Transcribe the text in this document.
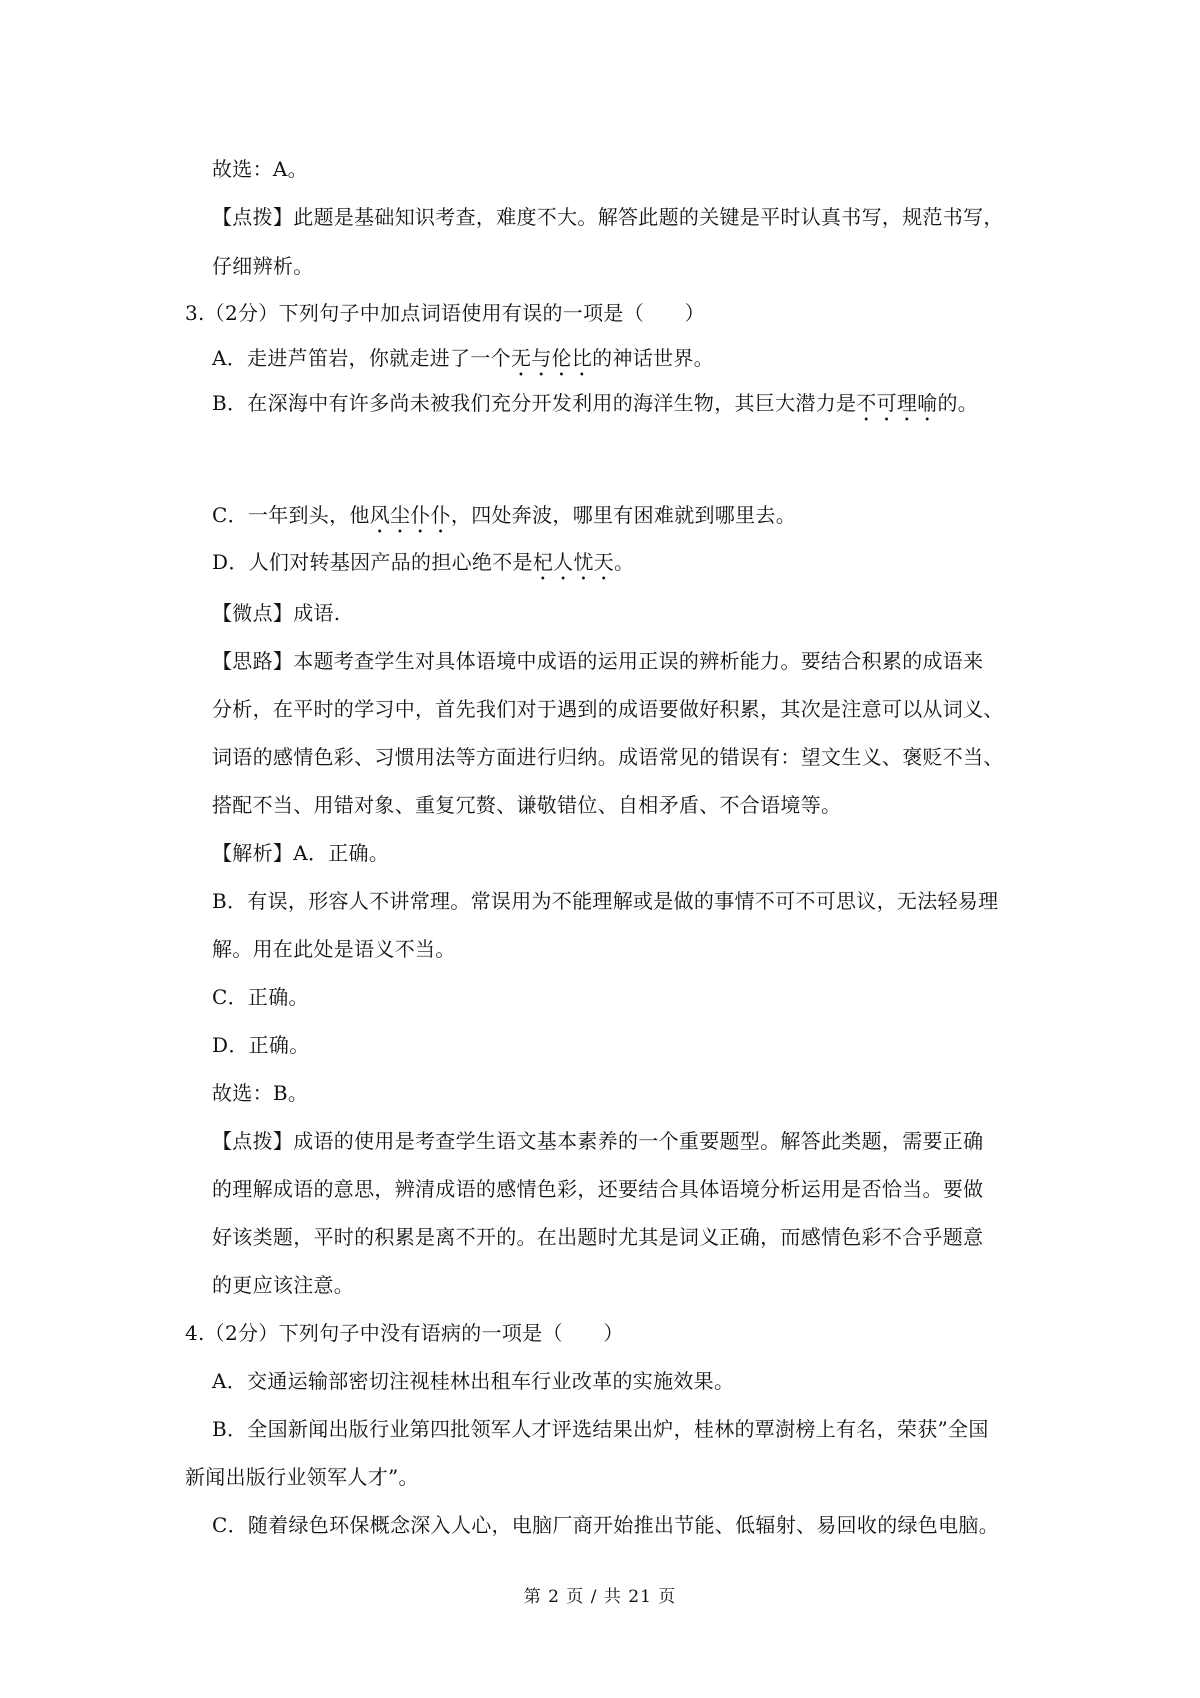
故选：A。
【点拨】此题是基础知识考查，难度不大。解答此题的关键是平时认真书写，规范书写，
仔细辨析。
3.（2分）下列句子中加点词语使用有误的一项是（　　）
A．走进芦笛岩，你就走进了一个无与伦比的神话世界。
B．在深海中有许多尚未被我们充分开发利用的海洋生物，其巨大潜力是不可理喻的。
C．一年到头，他风尘仆仆，四处奔波，哪里有困难就到哪里去。
D．人们对转基因产品的担心绝不是杞人忧天。
【微点】成语.
【思路】本题考查学生对具体语境中成语的运用正误的辨析能力。要结合积累的成语来
分析，在平时的学习中，首先我们对于遇到的成语要做好积累，其次是注意可以从词义、
词语的感情色彩、习惯用法等方面进行归纳。成语常见的错误有：望文生义、褒贬不当、
搭配不当、用错对象、重复冗赘、谦敬错位、自相矛盾、不合语境等。
【解析】A．正确。
B．有误，形容人不讲常理。常误用为不能理解或是做的事情不可不可思议，无法轻易理
解。用在此处是语义不当。
C．正确。
D．正确。
故选：B。
【点拨】成语的使用是考查学生语文基本素养的一个重要题型。解答此类题，需要正确
的理解成语的意思，辨清成语的感情色彩，还要结合具体语境分析运用是否恰当。要做
好该类题，平时的积累是离不开的。在出题时尤其是词义正确，而感情色彩不合乎题意
的更应该注意。
4.（2分）下列句子中没有语病的一项是（　　）
A．交通运输部密切注视桂林出租车行业改革的实施效果。
B．全国新闻出版行业第四批领军人才评选结果出炉，桂林的覃澍榜上有名，荣获”全国
新闻出版行业领军人才”。
C．随着绿色环保概念深入人心，电脑厂商开始推出节能、低辐射、易回收的绿色电脑。
第 2 页 / 共 21 页
